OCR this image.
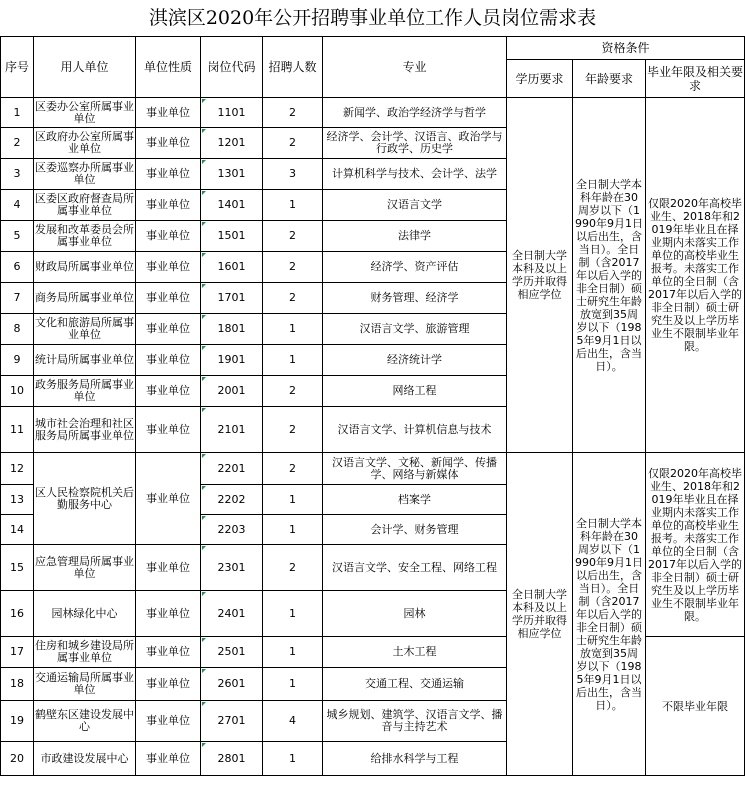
淇滨区2020年公开招聘事业单位工作人员岗位需求表
序号	用人单位	单位性质	岗位代码	招聘人数	专业	资格条件		
						学历要求	年龄要求	毕业年限及相关要求
1	区委办公室所属事业单位	事业单位	1101	2	新闻学、政治学经济学与哲学	全日制大学本科及以上学历并取得相应学位	全日制大学本科年龄在30周岁以下（1990年9月1日以后出生，含当日）。全日制（含2017年以后入学的非全日制）硕士研究生年龄放宽到35周岁以下（1985年9月1日以后出生，含当日）。	仅限2020年高校毕业生、2018年和2019年毕业且在择业期内未落实工作单位的高校毕业生报考。未落实工作单位的全日制（含2017年以后入学的非全日制）硕士研究生及以上学历毕业生不限制毕业年限。
2	区政府办公室所属事业单位	事业单位	1201	2	经济学、会计学、汉语言、政治学与行政学、历史学			
3	区委巡察办所属事业单位	事业单位	1301	3	计算机科学与技术、会计学、法学			
4	区委区政府督查局所属事业单位	事业单位	1401	1	汉语言文学			
5	发展和改革委员会所属事业单位	事业单位	1501	2	法律学			
6	财政局所属事业单位	事业单位	1601	2	经济学、资产评估			
7	商务局所属事业单位	事业单位	1701	2	财务管理、经济学			
8	文化和旅游局所属事业单位	事业单位	1801	1	汉语言文学、旅游管理			
9	统计局所属事业单位	事业单位	1901	1	经济统计学			
10	政务服务局所属事业单位	事业单位	2001	2	网络工程			
11	城市社会治理和社区服务局所属事业单位	事业单位	2101	2	汉语言文学、计算机信息与技术			
12	区人民检察院机关后勤服务中心	事业单位	2201	2	汉语言文学、文秘、新闻学、传播学、网络与新媒体	全日制大学本科及以上学历并取得相应学位	全日制大学本科年龄在30周岁以下（1990年9月1日以后出生，含当日）。全日制（含2017年以后入学的非全日制）硕士研究生年龄放宽到35周岁以下（1985年9月1日以后出生，含当日）。	仅限2020年高校毕业生、2018年和2019年毕业且在择业期内未落实工作单位的高校毕业生报考。未落实工作单位的全日制（含2017年以后入学的非全日制）硕士研究生及以上学历毕业生不限制毕业年限。
13			2202	1	档案学			
14			2203	1	会计学、财务管理			
15	应急管理局所属事业单位	事业单位	2301	2	汉语言文学、安全工程、网络工程			
16	园林绿化中心	事业单位	2401	1	园林			
17	住房和城乡建设局所属事业单位	事业单位	2501	1	土木工程			不限毕业年限
18	交通运输局所属事业单位	事业单位	2601	1	交通工程、交通运输			
19	鹤壁东区建设发展中　心	事业单位	2701	4	城乡规划、建筑学、汉语言文学、播音与主持艺术			
20	市政建设发展中心	事业单位	2801	1	给排水科学与工程			
